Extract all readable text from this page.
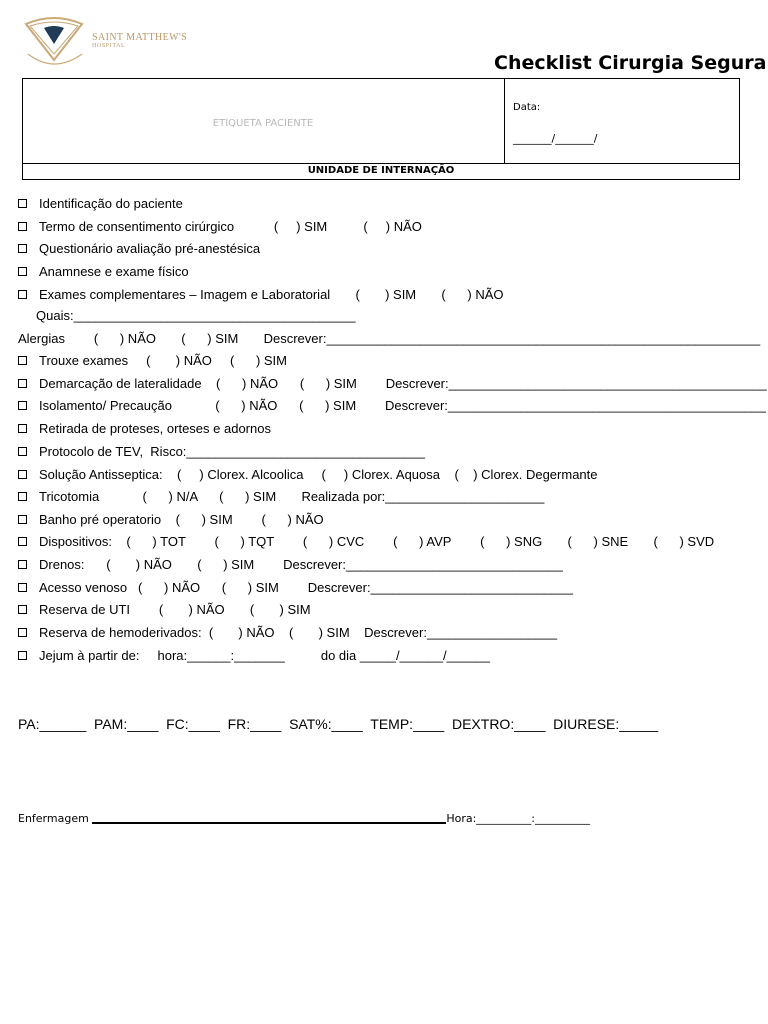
SAINT MATTHEW'S
HOSPITAL
Checklist Cirurgia Segura
ETIQUETA PACIENTE
Data:
_______/_______/
UNIDADE DE INTERNAÇÃO
Identificação do paciente
Termo de consentimento cirúrgico           (     ) SIM          (     ) NÃO
Questionário avaliação pré-anestésica
Anamnese e exame físico
Exames complementares – Imagem e Laboratorial       (       ) SIM       (      ) NÃO
Quais:_______________________________________
Alergias        (      ) NÃO       (      ) SIM       Descrever:____________________________________________________________
Trouxe exames     (       ) NÃO     (      ) SIM
Demarcação de lateralidade    (      ) NÃO      (      ) SIM        Descrever:____________________________________________
Isolamento/ Precaução            (      ) NÃO      (      ) SIM        Descrever:____________________________________________
Retirada de proteses, orteses e adornos
Protocolo de TEV,  Risco:_________________________________
Solução Antisseptica:    (     ) Clorex. Alcoolica     (     ) Clorex. Aquosa    (    ) Clorex. Degermante
Tricotomia            (      ) N/A      (      ) SIM       Realizada por:______________________
Banho pré operatorio    (      ) SIM        (      ) NÃO
Dispositivos:    (      ) TOT        (      ) TQT        (      ) CVC        (      ) AVP        (      ) SNG       (      ) SNE       (      ) SVD
Drenos:      (       ) NÃO       (      ) SIM        Descrever:______________________________
Acesso venoso   (      ) NÃO      (      ) SIM        Descrever:____________________________
Reserva de UTI        (       ) NÃO       (       ) SIM
Reserva de hemoderivados:  (       ) NÃO    (       ) SIM    Descrever:__________________
Jejum à partir de:     hora:______:_______          do dia _____/______/______
PA:______  PAM:____  FC:____  FR:____  SAT%:____  TEMP:____  DEXTRO:____  DIURESE:_____
Enfermagem	Hora:__________:__________
